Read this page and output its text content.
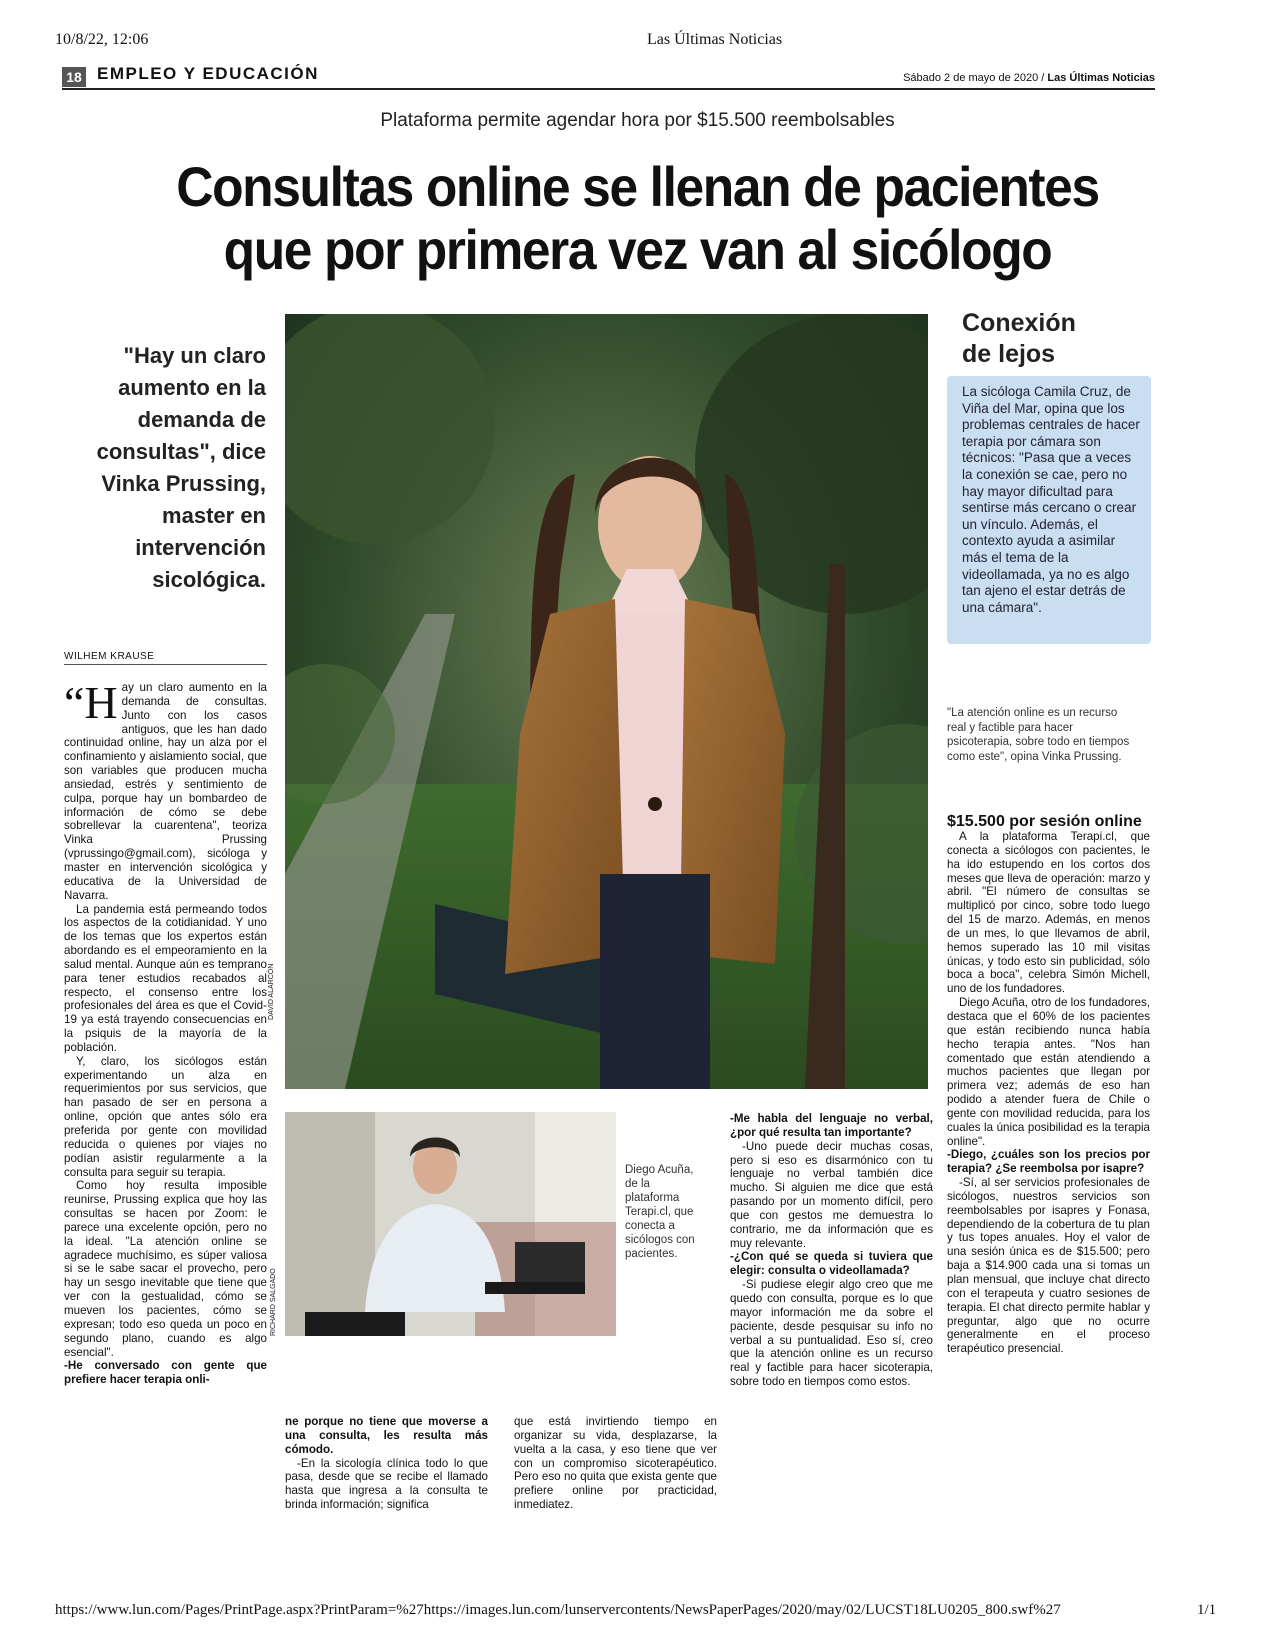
10/8/22, 12:06	Las Últimas Noticias
18 EMPLEO Y EDUCACIÓN	Sábado 2 de mayo de 2020 / Las Últimas Noticias
Plataforma permite agendar hora por $15.500 reembolsables
Consultas online se llenan de pacientes
que por primera vez van al sicólogo
"Hay un claro aumento en la demanda de consultas", dice Vinka Prussing, master en intervención sicológica.
WILHEM KRAUSE

“Hay un claro aumento en la demanda de consultas. Junto con los casos antiguos, que les han dado continuidad online, hay un alza por el confinamiento y aislamiento social, que son variables que producen mucha ansiedad, estrés y sentimiento de culpa, porque hay un bombardeo de información de cómo se debe sobrellevar la cuarentena", teoriza Vinka Prussing (vprussingo@gmail.com), sicóloga y master en intervención sicológica y educativa de la Universidad de Navarra.

La pandemia está permeando todos los aspectos de la cotidianidad. Y uno de los temas que los expertos están abordando es el empeoramiento en la salud mental. Aunque aún es temprano para tener estudios recabados al respecto, el consenso entre los profesionales del área es que el Covid-19 ya está trayendo consecuencias en la psiquis de la mayoría de la población.

Y, claro, los sicólogos están experimentando un alza en requerimientos por sus servicios, que han pasado de ser en persona a online, opción que antes sólo era preferida por gente con movilidad reducida o quienes por viajes no podían asistir regularmente a la consulta para seguir su terapia.

Como hoy resulta imposible reunirse, Prussing explica que hoy las consultas se hacen por Zoom: le parece una excelente opción, pero no la ideal. "La atención online se agradece muchísimo, es súper valiosa si se le sabe sacar el provecho, pero hay un sesgo inevitable que tiene que ver con la gestualidad, cómo se mueven los pacientes, cómo se expresan; todo eso queda un poco en segundo plano, cuando es algo esencial".

-He conversado con gente que prefiere hacer terapia onli-

DAVID ALARCÓN
RICHARD SALGADO
Diego Acuña, de la plataforma Terapi.cl, que conecta a sicólogos con pacientes.

ne porque no tiene que moverse a una consulta, les resulta más cómodo.

-En la sicología clínica todo lo que pasa, desde que se recibe el llamado hasta que ingresa a la consulta te brinda información; significa

que está invirtiendo tiempo en organizar su vida, desplazarse, la vuelta a la casa, y eso tiene que ver con un compromiso sicoterapéutico. Pero eso no quita que exista gente que prefiere online por practicidad, inmediatez.

-Me habla del lenguaje no verbal, ¿por qué resulta tan importante?

-Uno puede decir muchas cosas, pero si eso es disarmónico con tu lenguaje no verbal también dice mucho. Si alguien me dice que está pasando por un momento difícil, pero que con gestos me demuestra lo contrario, me da información que es muy relevante.

-¿Con qué se queda si tuviera que elegir: consulta o videollamada?

-Si pudiese elegir algo creo que me quedo con consulta, porque es lo que mayor información me da sobre el paciente, desde pesquisar su info no verbal a su puntualidad. Eso sí, creo que la atención online es un recurso real y factible para hacer sicoterapia, sobre todo en tiempos como estos.

Conexión
de lejos
La sicóloga Camila Cruz, de Viña del Mar, opina que los problemas centrales de hacer terapia por cámara son técnicos: "Pasa que a veces la conexión se cae, pero no hay mayor dificultad para sentirse más cercano o crear un vínculo. Además, el contexto ayuda a asimilar más el tema de la videollamada, ya no es algo tan ajeno el estar detrás de una cámara".
"La atención online es un recurso real y factible para hacer psicoterapia, sobre todo en tiempos como este", opina Vinka Prussing.
$15.500 por sesión online

A la plataforma Terapi.cl, que conecta a sicólogos con pacientes, le ha ido estupendo en los cortos dos meses que lleva de operación: marzo y abril. "El número de consultas se multiplicó por cinco, sobre todo luego del 15 de marzo. Además, en menos de un mes, lo que llevamos de abril, hemos superado las 10 mil visitas únicas, y todo esto sin publicidad, sólo boca a boca", celebra Simón Michell, uno de los fundadores.

Diego Acuña, otro de los fundadores, destaca que el 60% de los pacientes que están recibiendo nunca había hecho terapia antes. "Nos han comentado que están atendiendo a muchos pacientes que llegan por primera vez; además de eso han podido a atender fuera de Chile o gente con movilidad reducida, para los cuales la única posibilidad es la terapia online".

-Diego, ¿cuáles son los precios por terapia? ¿Se reembolsa por isapre?

-Sí, al ser servicios profesionales de sicólogos, nuestros servicios son reembolsables por isapres y Fonasa, dependiendo de la cobertura de tu plan y tus topes anuales. Hoy el valor de una sesión única es de $15.500; pero baja a $14.900 cada una si tomas un plan mensual, que incluye chat directo con el terapeuta y cuatro sesiones de terapia. El chat directo permite hablar y preguntar, algo que no ocurre generalmente en el proceso terapéutico presencial.

https://www.lun.com/Pages/PrintPage.aspx?PrintParam=%27https://images.lun.com/lunservercontents/NewsPaperPages/2020/may/02/LUCST18LU0205_800.swf%27	1/1
